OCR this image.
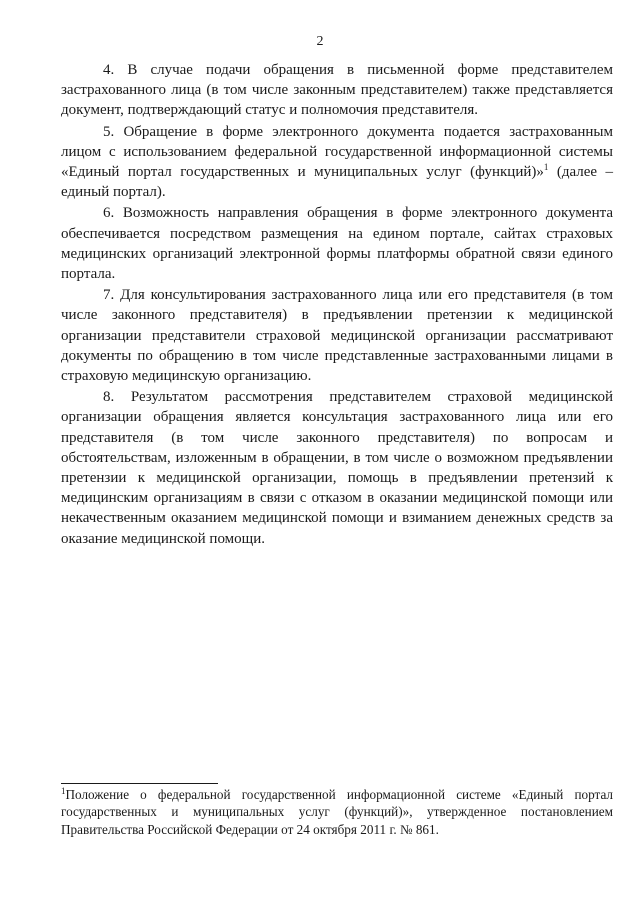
2

4. В случае подачи обращения в письменной форме представителем застрахованного лица (в том числе законным представителем) также представляется документ, подтверждающий статус и полномочия представителя.

5. Обращение в форме электронного документа подается застрахованным лицом с использованием федеральной государственной информационной системы «Единый портал государственных и муниципальных услуг (функций)»$^1$ (далее – единый портал).

6. Возможность направления обращения в форме электронного документа обеспечивается посредством размещения на едином портале, сайтах страховых медицинских организаций электронной формы платформы обратной связи единого портала.

7. Для консультирования застрахованного лица или его представителя (в том числе законного представителя) в предъявлении претензии к медицинской организации представители страховой медицинской организации рассматривают документы по обращению в том числе представленные застрахованными лицами в страховую медицинскую организацию.

8. Результатом рассмотрения представителем страховой медицинской организации обращения является консультация застрахованного лица или его представителя (в том числе законного представителя) по вопросам и обстоятельствам, изложенным в обращении, в том числе о возможном предъявлении претензии к медицинской организации, помощь в предъявлении претензий к медицинским организациям в связи с отказом в оказании медицинской помощи или некачественным оказанием медицинской помощи и взиманием денежных средств за оказание медицинской помощи.

$^1$Положение о федеральной государственной информационной системе «Единый портал государственных и муниципальных услуг (функций)», утвержденное постановлением Правительства Российской Федерации от 24 октября 2011 г. № 861.
